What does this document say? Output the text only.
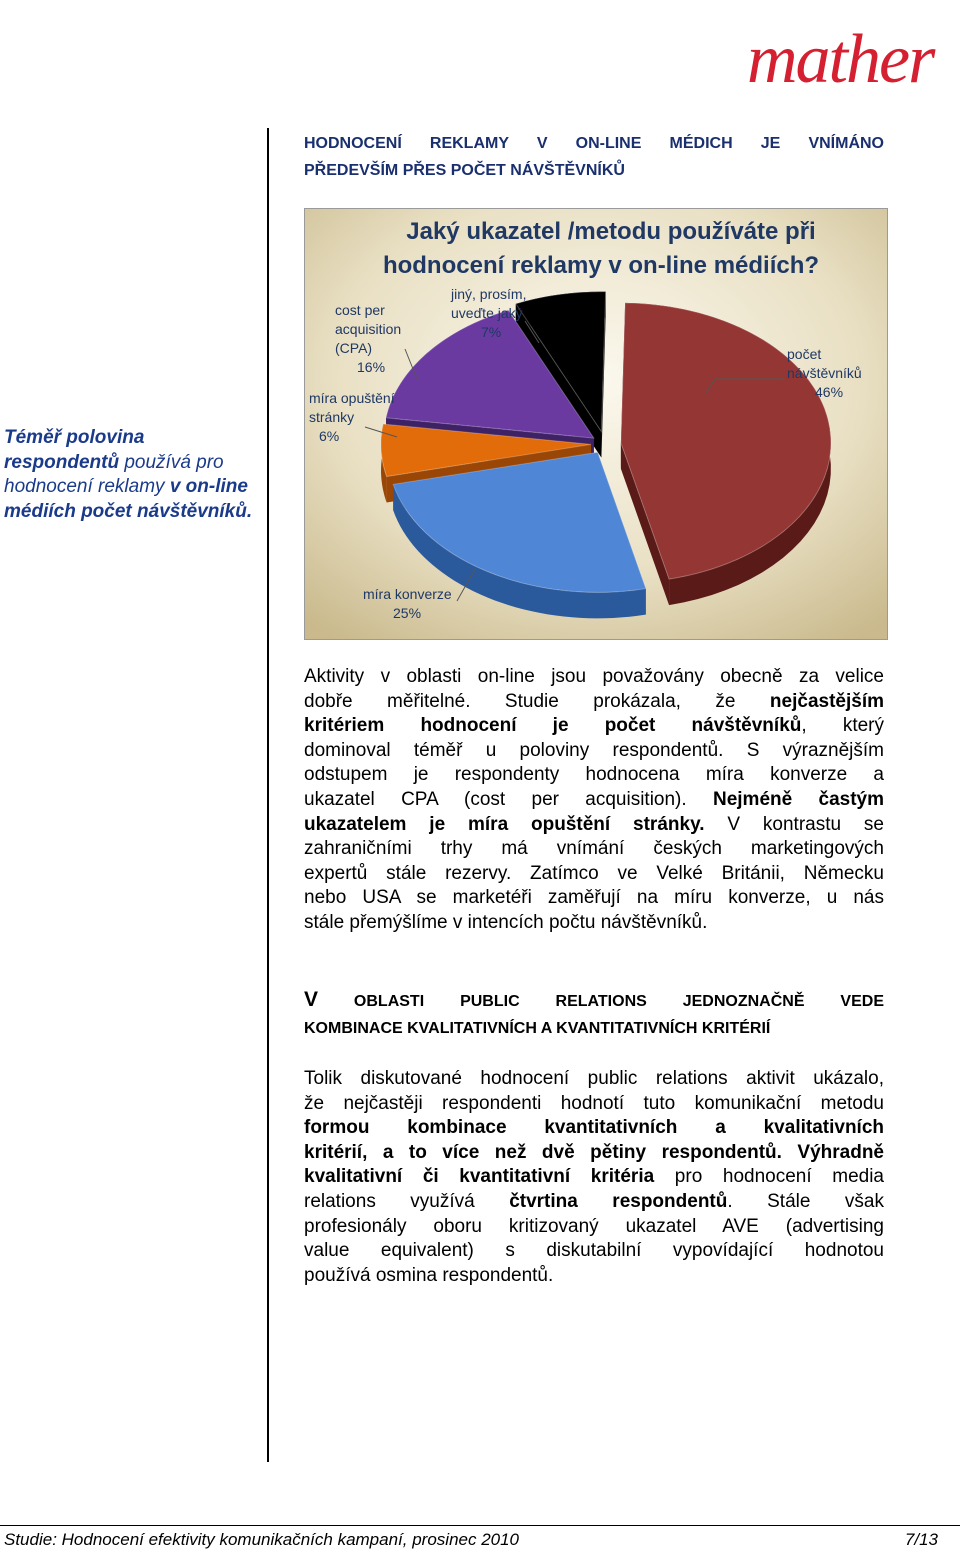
mather
Téměř polovina respondentů používá pro hodnocení reklamy v on-line médiích počet návštěvníků.
HODNOCENÍ REKLAMY V ON-LINE MÉDICH JE VNÍMÁNO
PŘEDEVŠÍM PŘES POČET NÁVŠTĚVNÍKŮ
Jaký ukazatel /metodu používáte při
hodnocení reklamy v on-line médiích?
počet
návštěvníků
46%
míra konverze
25%
míra opuštění
stránky
6%
cost per
acquisition
(CPA)
16%
jiný, prosím,
uveďte jaký
7%
Aktivity v oblasti on-line jsou považovány obecně za velice
dobře měřitelné. Studie prokázala, že nejčastějším
kritériem hodnocení je počet návštěvníků, který
dominoval téměř u poloviny respondentů. S výraznějším
odstupem je respondenty hodnocena míra konverze a
ukazatel CPA (cost per acquisition). Nejméně častým
ukazatelem je míra opuštění stránky. V kontrastu se
zahraničními trhy má vnímání českých marketingových
expertů stále rezervy. Zatímco ve Velké Británii, Německu
nebo USA se marketéři zaměřují na míru konverze, u nás
stále přemýšlíme v intencích počtu návštěvníků.
V OBLASTI PUBLIC RELATIONS JEDNOZNAČNĚ VEDE
KOMBINACE KVALITATIVNÍCH A KVANTITATIVNÍCH KRITÉRIÍ
Tolik diskutované hodnocení public relations aktivit ukázalo,
že nejčastěji respondenti hodnotí tuto komunikační metodu
formou kombinace kvantitativních a kvalitativních
kritérií, a to více než dvě pětiny respondentů. Výhradně
kvalitativní či kvantitativní kritéria pro hodnocení media
relations využívá čtvrtina respondentů. Stále však
profesionály oboru kritizovaný ukazatel AVE (advertising
value equivalent) s diskutabilní vypovídající hodnotou
používá osmina respondentů.
Studie: Hodnocení efektivity komunikačních kampaní, prosinec 2010	7/13
